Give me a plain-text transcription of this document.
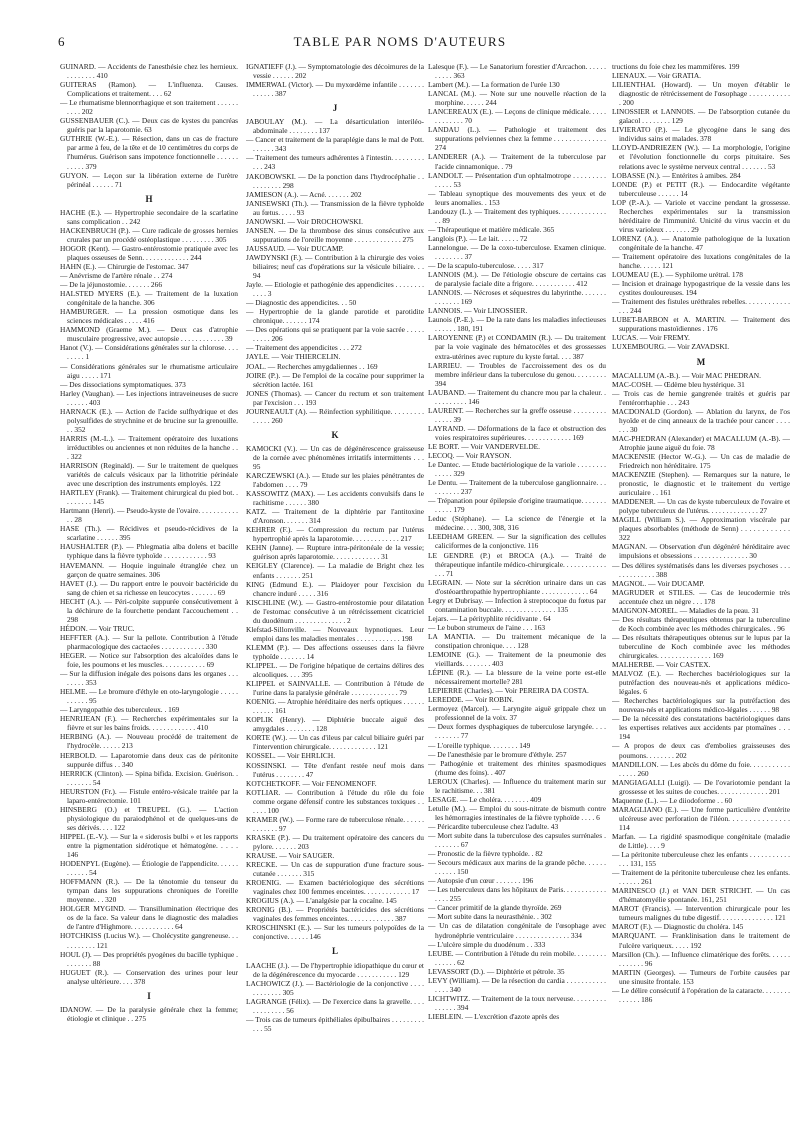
6	TABLE PAR NOMS D'AUTEURS

GUINARD. — Accidents de l'anesthésie chez les hernieux. . . . . . . . . 410

GUITERAS (Ramon). — L'influenza. Causes. Complications et traitement. . . . 62

— Le rhumatisme blennorrhagique et son traitement . . . . . . . . . . 202

GUSSENBAUER (C.). — Deux cas de kystes du pancréas guéris par la laparotomie. 63

GUTHRIE (W.-E.). — Résection, dans un cas de fracture par arme à feu, de la tête et de 10 centimètres du corps de l'humérus. Guérison sans impotence fonctionnelle . . . . . . . . . . . 379

GUYON. — Leçon sur la libération externe de l'urètre périnéal . . . . . . 71

H

HACHE (E.). — Hypertrophie secondaire de la scarlatine sans complication . . 242

HACKENBRUCH (P.). — Cure radicale de grosses hernies crurales par un procédé ostéoplastique . . . . . . . . . 305

HOGOR (Kent). — Gastro-entérostomie pratiquée avec les plaques osseuses de Senn. . . . . . . . . . . . . 244

HAHN (E.). — Chirurgie de l'estomac. 347

— Anévrisme de l'artère rénale . . 274

— De la jéjunostomie. . . . . . . 266

HALSTED MYERS (E.). — Traitement de la luxation congénitale de la hanche. 306

HAMBURGER. — La pression osmotique dans les sciences médicales . . . . . 416

HAMMOND (Graeme M.). — Deux cas d'atrophie musculaire progressive, avec autopsie . . . . . . . . . . . . 39

Hanot (V.). — Considérations générales sur la chlorose. . . . . . . . . 1

— Considérations générales sur le rhumatisme articulaire aigu . . . . . 171

— Des dissociations symptomatiques. 373

Harley (Vaughan). — Les injections intraveineuses de sucre . . . . . . 403

HARNACK (E.). — Action de l'acide sulfhydrique et des polysulfides de strychnine et de brucine sur la grenouille. . . 352

HARRIS (M.-L.). — Traitement opératoire des luxations irréductibles ou anciennes et non réduites de la hanche . . . 322

HARRISON (Reginald). — Sur le traitement de quelques variétés de calculs vésicaux par la lithotritie périnéale avec une description des instruments employés. 122

HARTLEY (Frank). — Traitement chirurgical du pied bot. . . . . . . . . 145

Hartmann (Henri). — Pseudo-kyste de l'ovaire. . . . . . . . . . . . . 28

HASE (Th.). — Récidives et pseudo-récidives de la scarlatine . . . . . . 395

HAUSHALTER (P.). — Phlegmatia alba dolens et bacille typhique dans la fièvre typhoïde . . . . . . . . . . . . 93

HAVEMANN. — Hoquie inguinale étranglée chez un garçon de quatre semaines. 306

HAVET (J.). — Du rapport entre le pouvoir bactéricide du sang de chien et sa richesse en leucocytes . . . . . . . 69

HECHT (A.). — Péri-colpite suppurée consécutivement à la déchirure de la fourchette pendant l'accouchement . . 298

HÉDON. — Voir TRUC.

HEFFTER (A.). — Sur la pellote. Contribution à l'étude pharmacologique des cactacées . . . . . . . . . . . . 330

HEGER. — Notice sur l'absorption des alcaloïdes dans le foie, les poumons et les muscles. . . . . . . . . . . . 69

— Sur la diffusion inégale des poisons dans les organes . . . . . . . . 353

HELME. — Le bromure d'éthyle en oto-laryngologie . . . . . . . . . . . 95

— Laryngopathie des tuberculeux. . 169

HENRIJEAN (F.). — Recherches expérimentales sur la fièvre et sur les bains froids. . . . . . . . . . . . . 410

HERBING (A.). — Nouveau procédé de traitement de l'hydrocèle. . . . . . 213

HERBOLD. — Laparotomie dans deux cas de péritonite suppurée diffus . . 340

HERRICK (Clinton). — Spina bifida. Excision. Guérison. . . . . . . . . 54

HEURSTON (Fr.). — Fistule entéro-vésicale traitée par la laparo-entérectomie. 101

HINSBERG (O.) et TREUPEL (G.). — L'action physiologique du paraiodphénol et de quelques-uns de ses dérivés. . . . 122

HIPPEL (E.-V.). — Sur la « siderosis bulbi » et les rapports entre la pigmentation sidérotique et hématogène. . . . . 146

HODENPYL (Eugène). — Étiologie de l'appendicite. . . . . . . . . . . . 54

HOFFMANN (R.). — De la ténotomie du tenseur du tympan dans les suppurations chroniques de l'oreille moyenne. . . 320

HOLGER MYGIND. — Transillumination électrique des os de la face. Sa valeur dans le diagnostic des maladies de l'antre d'Highmore. . . . . . . . . . . . 64

HOTCHKISS (Lucius W.). — Cholécystite gangreneuse. . . . . . . . . . . 121

HOUL (J). — Des propriétés pyogènes du bacille typhique . . . . . . . . 88

HUGUET (R.). — Conservation des urines pour leur analyse ultérieure. . . . 378

I

IDANOW. — De la paralysie générale chez la femme; étiologie et clinique . . 275

IGNATIEFF (J.). — Symptomatologie des décoimures de la vessie . . . . . . 202

IMMERWAL (Victor). — Du myxœdème infantile . . . . . . . . . . . . . 387

J

JABOULAY (M.). — La désarticulation interiléo-abdominale . . . . . . . . 137

— Cancer et traitement de la paraplégie dans le mal de Pott. . . . . . . 343

— Traitement des tumeurs adhérentes à l'intestin. . . . . . . . . . . . 243

JAKOBOWSKI. — De la ponction dans l'hydrocéphalie . . . . . . . . . . 298

JAMIESON (A.). — Acné. . . . . . . 202

JANISEWSKI (Th.). — Transmission de la fièvre typhoïde au fœtus. . . . . 93

JANOWSKI. — Voir DROCHOWSKI.

JANSEN. — De la thrombose des sinus consécutive aux suppurations de l'oreille moyenne . . . . . . . . . . . . . 275

JAUSSAUD. — Voir DUCAMP.

JAWDYNSKI (F.). — Contribution à la chirurgie des voies biliaires; neuf cas d'opérations sur la vésicule biliaire. . . 94

Jayle. — Etiologie et pathogénie des appendicites . . . . . . . . . . . . 3

— Diagnostic des appendicites. . . 50

— Hypertrophie de la glande parotide et parotidite chronique. . . . . . . 174

— Des opérations qui se pratiquent par la voie sacrée . . . . . . . . . . 206

— Traitement des appendicites . . . 272

JAYLE. — Voir THIERCELIN.

JOAL. — Recherches amygdaliennes . . 169

JOIRE (P.). — De l'emploi de la cocaïne pour supprimer la sécrétion lactée. 161

JONES (Thomas). — Cancer du rectum et son traitement par l'excision . . . 193

JOURNEAULT (A). — Réinfection syphilitique. . . . . . . . . . . . . . 260

K

KAMOCKI (V.). — Un cas de dégénérescence graisseuse de la cornée avec phénomènes irritatifs intermittents . . . 95

KARCZEWSKI (A.). — Etude sur les plaies pénétrantes de l'abdomen . . . . 79

KASSOWITZ (MAX). — Les accidents convulsifs dans le rachitisme . . . . . . 380

KATZ. — Traitement de la diphtérie par l'antitoxine d'Aronson. . . . . . . 314

KEHRER (F.). — Compression du rectum par l'utérus hypertrophié après la laparotomie. . . . . . . . . . . . . 217

KEHN (Janne). — Rupture intra-péritonéale de la vessie; guérison après laparotomie. . . . . . . . . . . . . 31

KEIGLEY (Clarence). — La maladie de Bright chez les enfants . . . . . . . 251

KING (Edmund E.). — Plaidoyer pour l'excision du chancre induré . . . . . 316

KISCHLINE (W.). — Gastro-entérostomie pour dilatation de l'estomac consécutive à un rétrécissement cicatriciel du duodénum . . . . . . . . . . . . . . 2

Klefstad-Sillonville. — Nouveaux hypnotiques. Leur emploi dans les maladies mentales . . . . . . . . . . . . 198

KLEMM (P.). — Des affections osseuses dans la fièvre typhoïde . . . . . . . 14

KLIPPEL. — De l'origine hépatique de certains délires des alcooliques. . . . 395

KLIPPEL et SAINVALLE. — Contribution à l'étude de l'urine dans la paralysie générale . . . . . . . . . . . . . 79

KOENIG. — Atrophie héréditaire des nerfs optiques . . . . . . . . . . . . 161

KOPLIK (Henry). — Diphtérie buccale aiguë des amygdales . . . . . . . . 128

KORTE (W.). — Un cas d'ileus par calcul biliaire guéri par l'intervention chirurgicale. . . . . . . . . . . . . 121

KOSSEL. — Voir EHRLICH.

KOSSINSKI. — Tête d'enfant restée neuf mois dans l'utérus . . . . . . . . 47

KOTCHETKOFF. — Voir FENOMENOFF.

KOTLIAR. — Contribution à l'étude du rôle du foie comme organe défensif contre les substances toxiques . . . . . . 100

KRAMER (W.). — Forme rare de tuberculose rénale. . . . . . . . . . . . . 97

KRASKE (P.). — Du traitement opératoire des cancers du pylore. . . . . . . 203

KRAUSE. — Voir SAUGER.

KRECKE. — Un cas de suppuration d'une fracture sous-cutanée . . . . . . . 315

KROENIG. — Examen bactériologique des sécrétions vaginales chez 100 femmes enceintes. . . . . . . . . . . . . 17

KROGIUS (A.). — L'analgésie par la cocaïne. 145

KRONIG (B.). — Propriétés bactéricides des sécrétions vaginales des femmes enceintes. . . . . . . . . . . . . 387

KROSCHINSKI (E.). — Sur les tumeurs polypoïdes de la conjonctive. . . . . . 146

L

LAACHE (J.). — De l'hypertrophie idiopathique du cœur et de la dégénérescence du myocarde . . . . . . . . . . . 129

LACHOWICZ (J.). — Bactériologie de la conjonctive . . . . . . . . . . . . 305

LAGRANGE (Félix). — De l'exercice dans la gravelle. . . . . . . . . . . . . 56

— Trois cas de tumeurs épithéliales épibulbaires . . . . . . . . . . . . 55

Lalesque (F.). — Le Sanatorium forestier d'Arcachon. . . . . . . . . . . 363

Lambert (M.). — La formation de l'urée 130

LANCAL (M.). — Note sur une nouvelle réaction de la morphine. . . . . . 244

LANCEREAUX (E.). — Leçons de clinique médicale. . . . . . . . . . . . . 70

LANDAU (L.). — Pathologie et traitement des suppurations pelviennes chez la femme . . . . . . . . . . . . . . 274

LANDERER (A.). — Traitement de la tuberculose par l'acide cinnamonique. . 79

LANDOLT. — Présentation d'un ophtalmotrope . . . . . . . . . . . . . . 53

— Tableau synoptique des mouvements des yeux et de leurs anomalies. . 153

Landouzy (L.). — Traitement des typhiques. . . . . . . . . . . . . . . 89

— Thérapeutique et matière médicale. 365

Langlois (P.). — Le lait. . . . . . 72

Lannelongue. — De la coxo-tuberculose. Examen clinique. . . . . . . . . 37

— De la scapulo-tuberculose. . . . . 317

LANNOIS (M.). — De l'étiologie obscure de certains cas de paralysie faciale dite a frigore. . . . . . . . . . . . 412

LANNOIS. — Nécroses et séquestres du labyrinthe. . . . . . . . . . . . . . 169

LANNOIS. — Voir LINOSSIER.

Launois (P.-E.). — De la rate dans les maladies infectieuses . . . . . . 180, 191

LAROYENNE (P.) et CONDAMIN (R.). — Du traitement par la voie vaginale des hématocèles et des grossesses extra-utérines avec rupture du kyste fœtal. . . . 387

LARRIEU. — Troubles de l'accroissement des os du membre inférieur dans la tuberculose du genou. . . . . . . . . 394

LAUBAND. — Traitement du chancre mou par la chaleur. . . . . . . . . . . 146

LAURENT. — Recherches sur la greffe osseuse . . . . . . . . . . . . . . 39

LAYRAND. — Déformations de la face et obstruction des voies respiratoires supérieures. . . . . . . . . . . . . 169

LE BORT. — Voir VANDERVELDE.

LECOQ. — Voir RAYSON.

Le Dantec. — Etude bactériologique de la variole . . . . . . . . . . . . . 329

Le Dentu. — Traitement de la tuberculose ganglionnaire. . . . . . . . . . 237

— Trépanation pour épilepsie d'origine traumatique. . . . . . . . . . . . 179

Leduc (Stéphane). — La science de l'énergie et la médecine. . . . 300, 308, 316

LEEDHAM GREEN. — Sur la signification des cellules caliciformes de la conjonctive. 116

LE GENDRE (P.) et BROCA (A.). — Traité de thérapeutique infantile médico-chirurgicale. . . . . . . . . . . . . . . 71

LEGRAIN. — Note sur la sécrétion urinaire dans un cas d'ostéoarthropathie hypertrophiante . . . . . . . . . . . . . 64

Legry et Dubrisay. — Infection à streptocoque du fœtus par contamination buccale. . . . . . . . . . . . . . . 135

Lejars. — La pérityphlite récidivante . 64

— Le bubon strumeux de l'aine . . . 163

LA MANTIA. — Du traitement mécanique de la constipation chronique. . . . 128

LEMOINE (G.). — Traitement de la pneumonie des vieillards. . . . . . . . 403

LÉPINE (R.). — La blessure de la veine porte est-elle nécessairement mortelle? 281

LEPIERRE (Charles). — Voir PEREIRA DA COSTA.

LEREDDE. — Voir ROBIN.

Lermoyez (Marcel). — Laryngite aiguë grippale chez un professionnel de la voix. 37

— Deux formes dysphagiques de tuberculose laryngée. . . . . . . . . . . 77

— L'oreille typhique. . . . . . . . 149

— De l'anesthésie par le bromure d'éthyle. 257

— Pathogénie et traitement des rhinites spasmodiques (rhume des foins). . 407

LEROUX (Charles). — Influence du traitement marin sur le rachitisme. . . 381

LESAGE. — Le choléra. . . . . . . . 409

Letulle (M.). — Emploi du sous-nitrate de bismuth contre les hémorragies intestinales de la fièvre typhoïde . . . . 6

— Péricardite tuberculeuse chez l'adulte. 43

— Mort subite dans la tuberculose des capsules surrénales . . . . . . . . 67

— Pronostic de la fièvre typhoïde. . 82

— Secours médicaux aux marins de la grande pêche. . . . . . . . . . . . 150

— Autopsie d'un cœur . . . . . . . 196

— Les tuberculeux dans les hôpitaux de Paris. . . . . . . . . . . . . . . . 255

— Cancer primitif de la glande thyroïde. 269

— Mort subite dans la neurasthénie. . 302

— Un cas de dilatation congénitale de l'œsophage avec hydronéphrie ventriculaire . . . . . . . . . . . . . . . 334

— L'ulcère simple du duodénum . . 333

LEUBE. — Contribution à l'étude du rein mobile. . . . . . . . . . . . . . . 62

LEVASSORT (D.). — Diphtérie et pétrole. 35

LEVY (William). — De la résection du cardia . . . . . . . . . . . . . . . 340

LICHTWITZ. — Traitement de la toux nerveuse. . . . . . . . . . . . . . . 394

LIEBLEIN. — L'excrétion d'azote après des

tructions du foie chez les mammifères. 199

LIENAUX. — Voir GRATIA.

LILIENTHAL (Howard). — Un moyen d'établir le diagnostic de rétrécissement de l'œsophage . . . . . . . . . . . . 200

LINOSSIER et LANNOIS. — De l'absorption cutanée du gaïacol . . . . . . . . 129

LIVIERATO (P.). — Le glycogène dans le sang des individus sains et malades. 378

LLOYD-ANDRIEZEN (W.). — La morphologie, l'origine et l'évolution fonctionnelle du corps pituitaire. Ses relations avec le système nerveux central . . . . . . . 53

LOBASSE (N.). — Entérites à amibes. 284

LONDE (P.) et PETIT (R.). — Endocardite végétante tuberculeuse . . . . . . 14

LOP (P.-A.). — Variole et vaccine pendant la grossesse. Recherches expérimentales sur la transmission héréditaire de l'immunité. Unicité du virus vaccin et du virus varioleux . . . . . . . 29

LORENZ (A.). — Anatomie pathologique de la luxation congénitale de la hanche. 47

— Traitement opératoire des luxations congénitales de la hanche. . . . . . 121

LOUMEAU (E.). — Syphilome urétral. 178

— Incision et drainage hypogastrique de la vessie dans les cystites douloureuses. 194

— Traitement des fistules uréthrales rebelles. . . . . . . . . . . . . . . 244

LUBET-BARBON et A. MARTIN. — Traitement des suppurations mastoïdiennes . 176

LUCAS. — Voir FREMY.

LUXEMBOURG. — Voir ZAVADSKI.

M

MACALLUM (A.-B.). — Voir MAC PHEDRAN.

MAC-COSH. — Œdème bleu hystérique. 31

— Trois cas de hernie gangrenée traités et guéris par l'entérorrhaphie . . . 243

MACDONALD (Gordon). — Ablation du larynx, de l'os hyoïde et de cinq anneaux de la trachée pour cancer . . . . . . . 30

MAC-PHEDRAN (Alexander) et MACALLUM (A.-B). — Atrophie jaune aiguë du foie. 78

MACKENSIE (Hector W.-G.). — Un cas de maladie de Friedreich non héréditaire. 175

MACKENZIE (Stephen). — Remarques sur la nature, le pronostic, le diagnostic et le traitement du vertige auriculaire . . 161

MADDENER. — Un cas de kyste tuberculeux de l'ovaire et polype tuberculeux de l'utérus. . . . . . . . . . . . . . 27

MAGILL (William S.). — Approximation viscérale par plaques absorbables (méthode de Senn) . . . . . . . . . . . . 322

MAGNAN. — Observation d'un dégénéré héréditaire avec impulsions et obsessions . . . . . . . . . . . . . . . 30

— Des délires systématisés dans les diverses psychoses . . . . . . . . . . . . . 388

MAGNOL. — Voir DUCAMP.

MAGRUDER et STILES. — Cas de leucodermie très accentuée chez un nègre . . . 178

MAIGNON-MOREL. — Maladies de la peau. 31

— Des résultats thérapeutiques obtenus par la tuberculine de Koch combinée avec les méthodes chirurgicales. . 96

— Des résultats thérapeutiques obtenus sur le lupus par la tuberculine de Koch combinée avec les méthodes chirurgicales. . . . . . . . . . . . . . . 169

MALHERBE. — Voir CASTEX.

MALVOZ (E.). — Recherches bactériologiques sur la putréfaction des nouveau-nés et applications médico-légales. 6

— Recherches bactériologiques sur la putréfaction des nouveau-nés et applications médico-légales . . . . . . 98

— De la nécessité des constatations bactériologiques dans les expertises relatives aux accidents par ptomaïnes . . . 194

— A propos de deux cas d'embolies graisseuses des poumons. . . . . . . . 202

MANDILLON. — Les abcès du dôme du foie. . . . . . . . . . . . . . . . 260

MANGIAGALLI (Luigi). — De l'ovariotomie pendant la grossesse et les suites de couches. . . . . . . . . . . . . . 201

Maquenne (L.). — Le diiodoforme . . 60

MARAGLIANO (E.). — Une forme particulière d'entérite ulcéreuse avec perforation de l'iléon. . . . . . . . . . . . . . . 114

Marfan. — La rigidité spasmodique congénitale (maladie de Little). . . . 9

— La péritonite tuberculeuse chez les enfants . . . . . . . . . . . . . . 131, 155

— Traitement de la péritonite tuberculeuse chez les enfants. . . . . . . 261

MARINESCO (J.) et VAN DER STRICHT. — Un cas d'hématomyélie spontanée. 161, 251

MAROT (Francis). — Intervention chirurgicale pour les tumeurs malignes du tube digestif. . . . . . . . . . . . . . . 121

MAROT (F.). — Diagnostic du choléra. 145

MARQUANT. — Franklinisation dans le traitement de l'ulcère variqueux. . . . . 192

Marsillon (Ch.). — Influence climatérique des forêts. . . . . . . . . . . . . 96

MARTIN (Georges). — Tumeurs de l'orbite causées par une sinusite frontale. 153

— Le délire consécutif à l'opération de la cataracte. . . . . . . . . . . . . . 186
